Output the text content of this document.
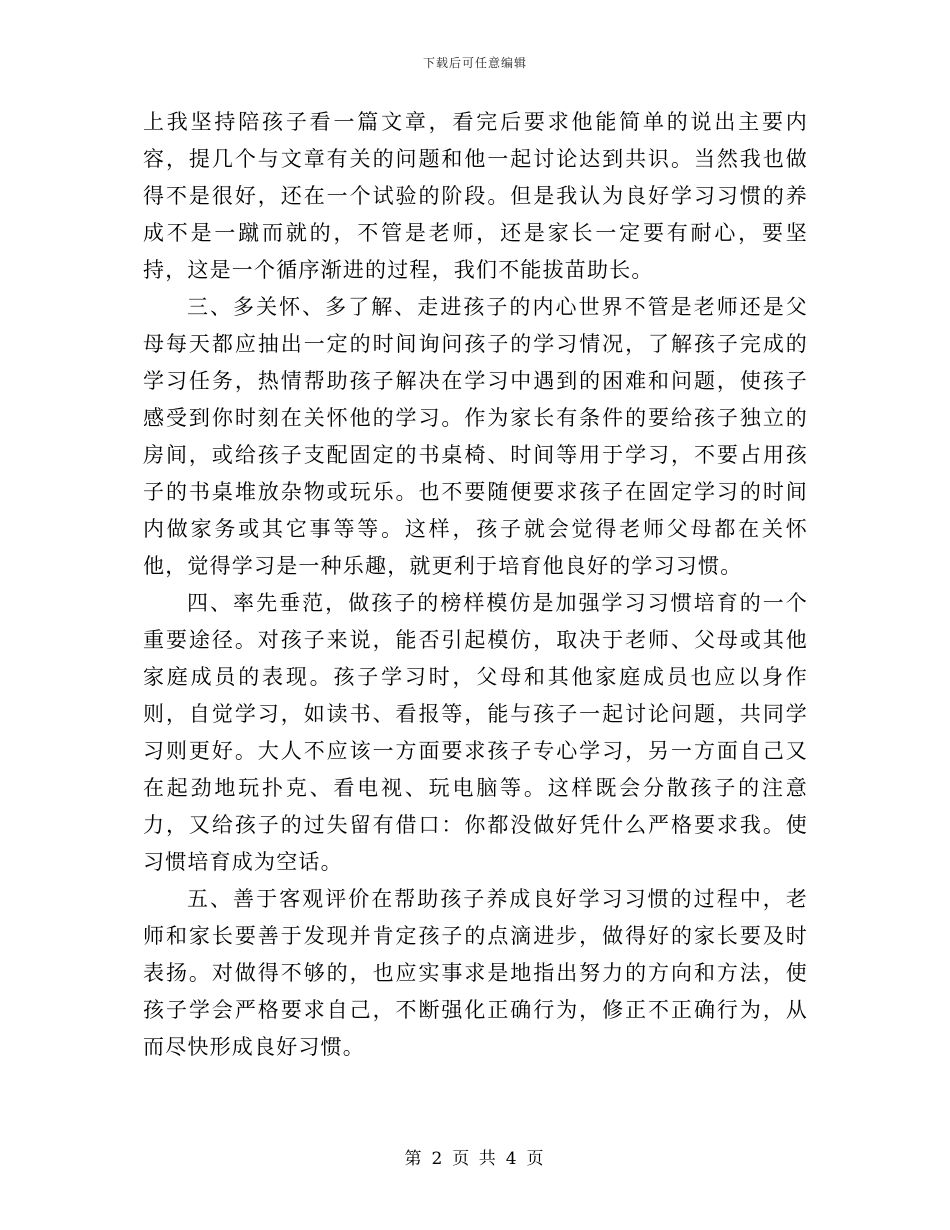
下载后可任意编辑

上我坚持陪孩子看一篇文章，看完后要求他能简单的说出主要内容，提几个与文章有关的问题和他一起讨论达到共识。当然我也做得不是很好，还在一个试验的阶段。但是我认为良好学习习惯的养成不是一蹴而就的，不管是老师，还是家长一定要有耐心，要坚持，这是一个循序渐进的过程，我们不能拔苗助长。

三、多关怀、多了解、走进孩子的内心世界不管是老师还是父母每天都应抽出一定的时间询问孩子的学习情况，了解孩子完成的学习任务，热情帮助孩子解决在学习中遇到的困难和问题，使孩子感受到你时刻在关怀他的学习。作为家长有条件的要给孩子独立的房间，或给孩子支配固定的书桌椅、时间等用于学习，不要占用孩子的书桌堆放杂物或玩乐。也不要随便要求孩子在固定学习的时间内做家务或其它事等等。这样，孩子就会觉得老师父母都在关怀他，觉得学习是一种乐趣，就更利于培育他良好的学习习惯。

四、率先垂范，做孩子的榜样模仿是加强学习习惯培育的一个重要途径。对孩子来说，能否引起模仿，取决于老师、父母或其他家庭成员的表现。孩子学习时，父母和其他家庭成员也应以身作则，自觉学习，如读书、看报等，能与孩子一起讨论问题，共同学习则更好。大人不应该一方面要求孩子专心学习，另一方面自己又在起劲地玩扑克、看电视、玩电脑等。这样既会分散孩子的注意力，又给孩子的过失留有借口：你都没做好凭什么严格要求我。使习惯培育成为空话。

五、善于客观评价在帮助孩子养成良好学习习惯的过程中，老师和家长要善于发现并肯定孩子的点滴进步，做得好的家长要及时表扬。对做得不够的，也应实事求是地指出努力的方向和方法，使孩子学会严格要求自己，不断强化正确行为，修正不正确行为，从而尽快形成良好习惯。

第 2 页 共 4 页
